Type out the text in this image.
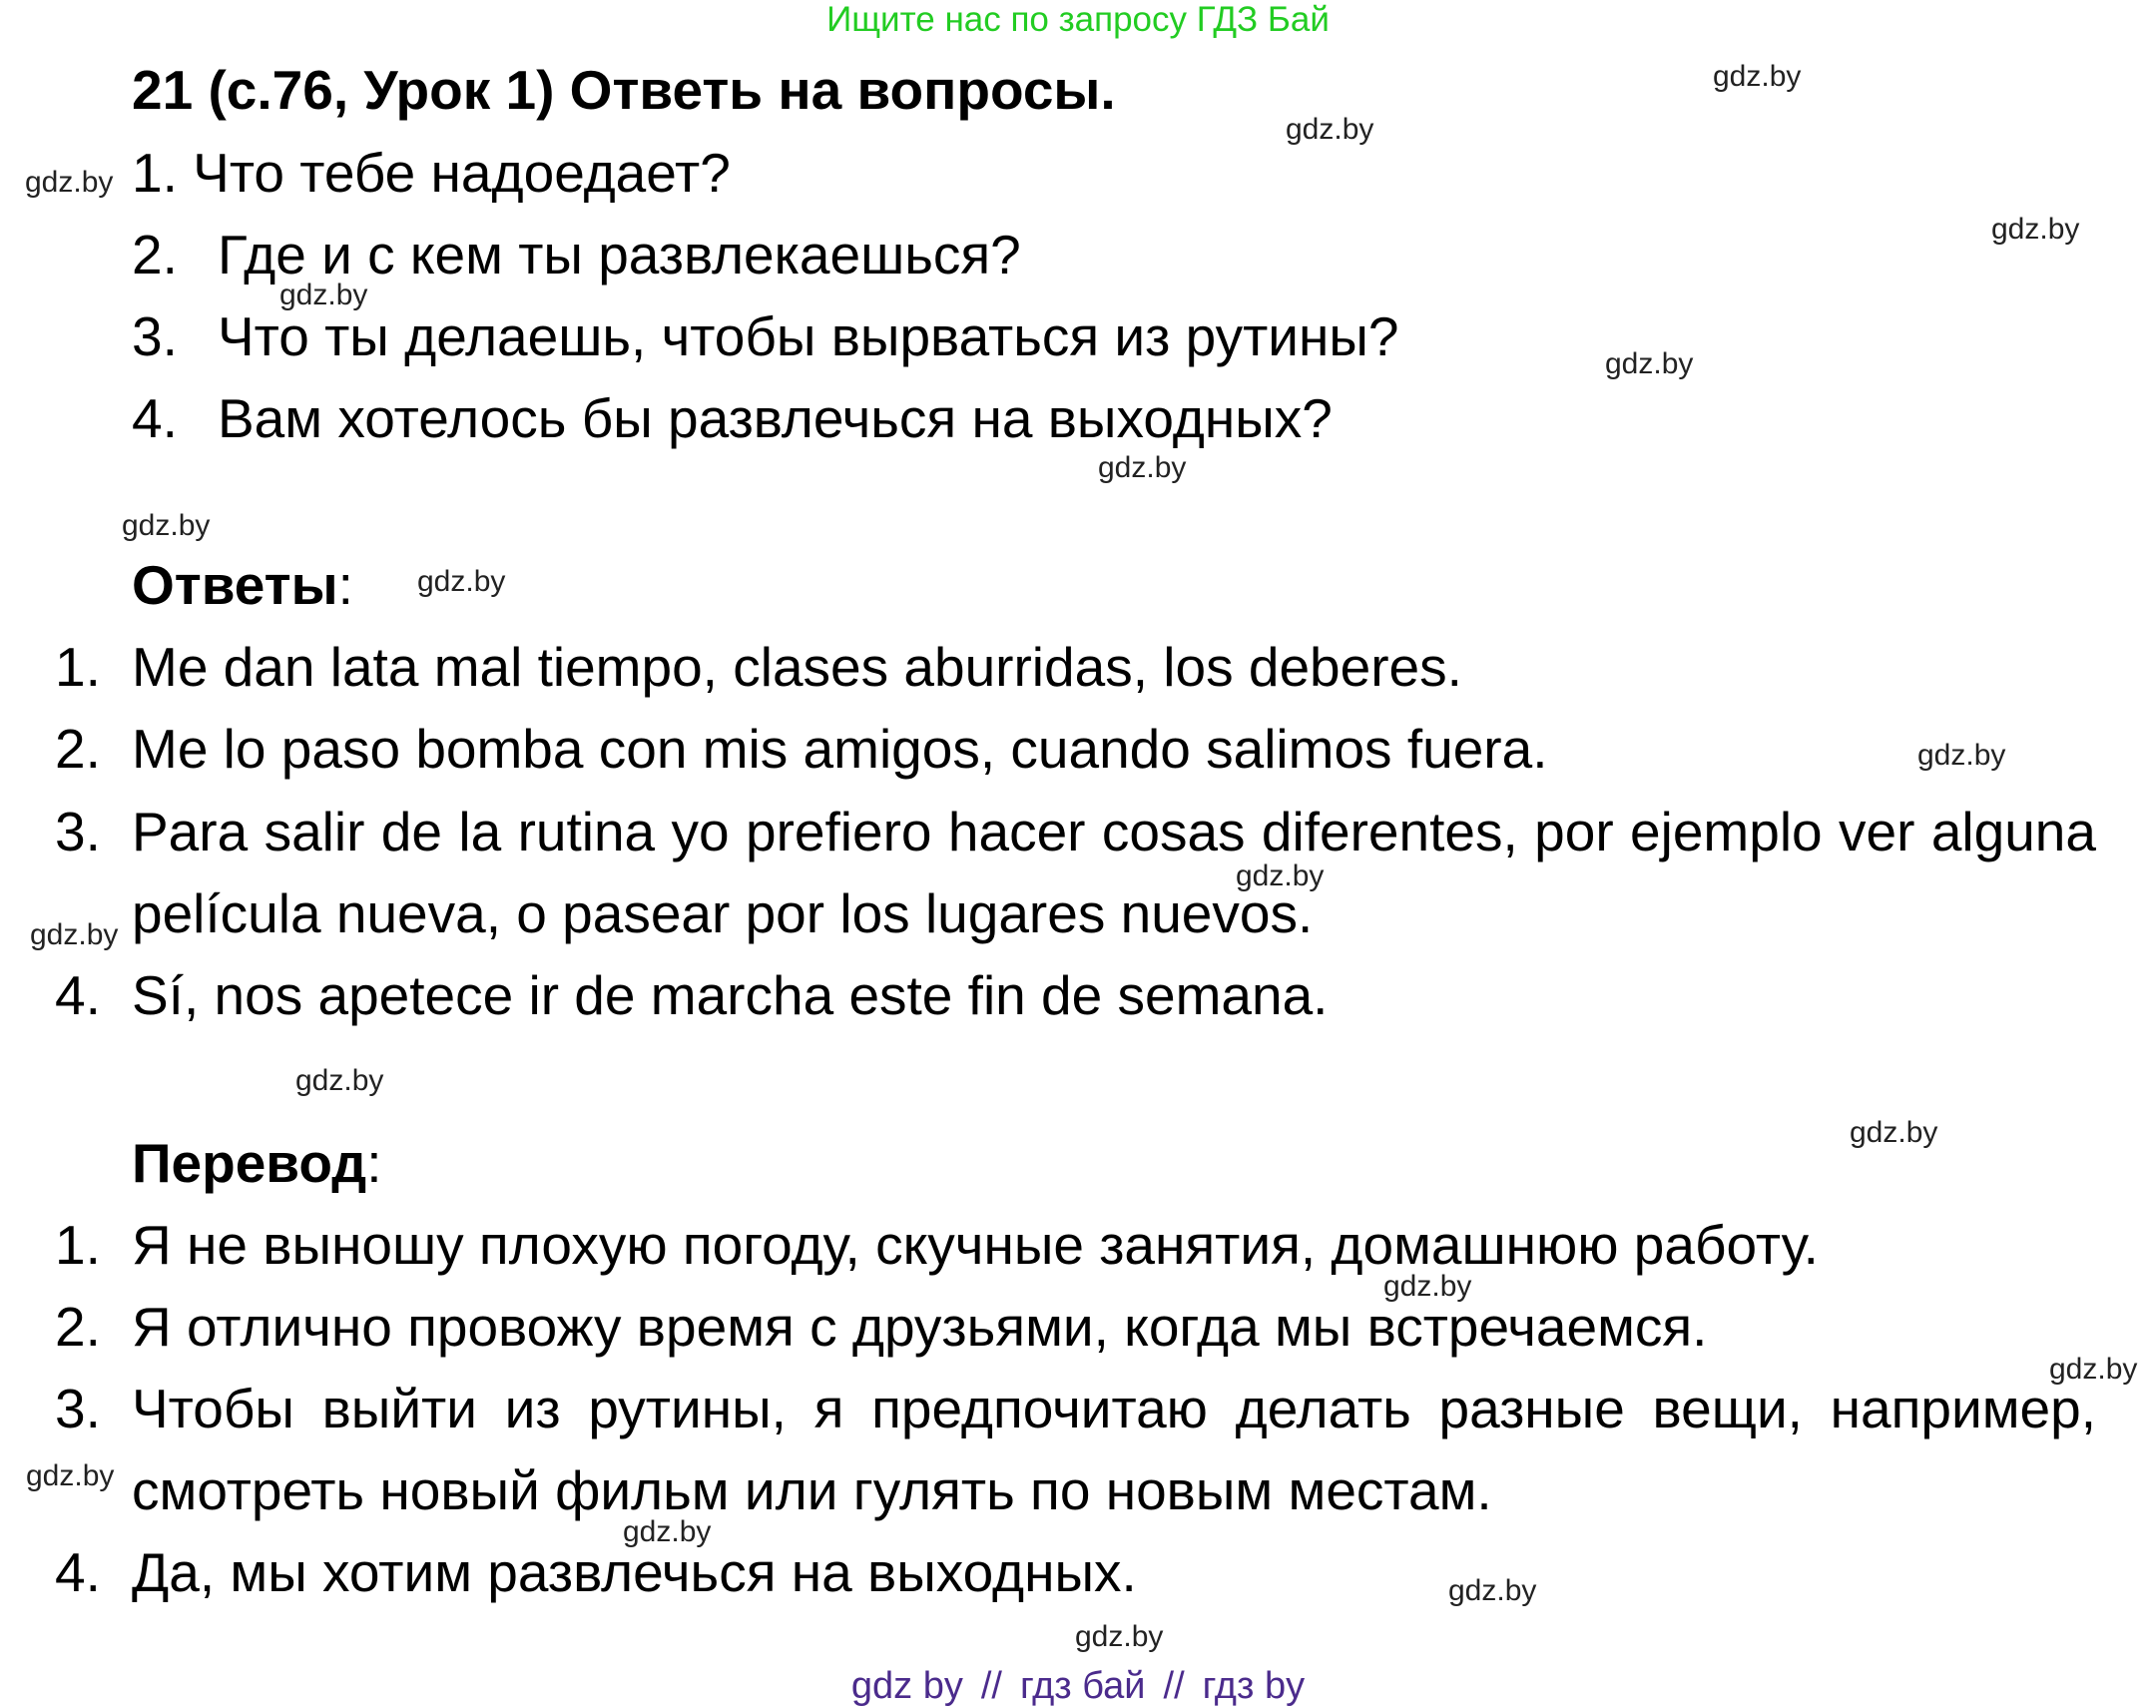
Ищите нас по запросу ГДЗ Бай
21 (с.76, Урок 1) Ответь на вопросы.
1. Что тебе надоедает?
2. Где и с кем ты развлекаешься?
3. Что ты делаешь, чтобы вырваться из рутины?
4. Вам хотелось бы развлечься на выходных?
Ответы:
1. Me dan lata mal tiempo, clases aburridas, los deberes.
2. Me lo paso bomba con mis amigos, cuando salimos fuera.
3. Para salir de la rutina yo prefiero hacer cosas diferentes, por ejemplo ver alguna
película nueva, o pasear por los lugares nuevos.
4. Sí, nos apetece ir de marcha este fin de semana.
Перевод:
1. Я не выношу плохую погоду, скучные занятия, домашнюю работу.
2. Я отлично провожу время с друзьями, когда мы встречаемся.
3. Чтобы выйти из рутины, я предпочитаю делать разные вещи, например,
смотреть новый фильм или гулять по новым местам.
4. Да, мы хотим развлечься на выходных.
gdz.by
gdz.by
gdz.by
gdz.by
gdz.by
gdz.by
gdz.by
gdz.by
gdz.by
gdz.by
gdz.by
gdz.by
gdz.by
gdz.by
gdz.by
gdz.by
gdz.by
gdz.by
gdz.by
gdz.by
gdz by // гдз бай // гдз by
